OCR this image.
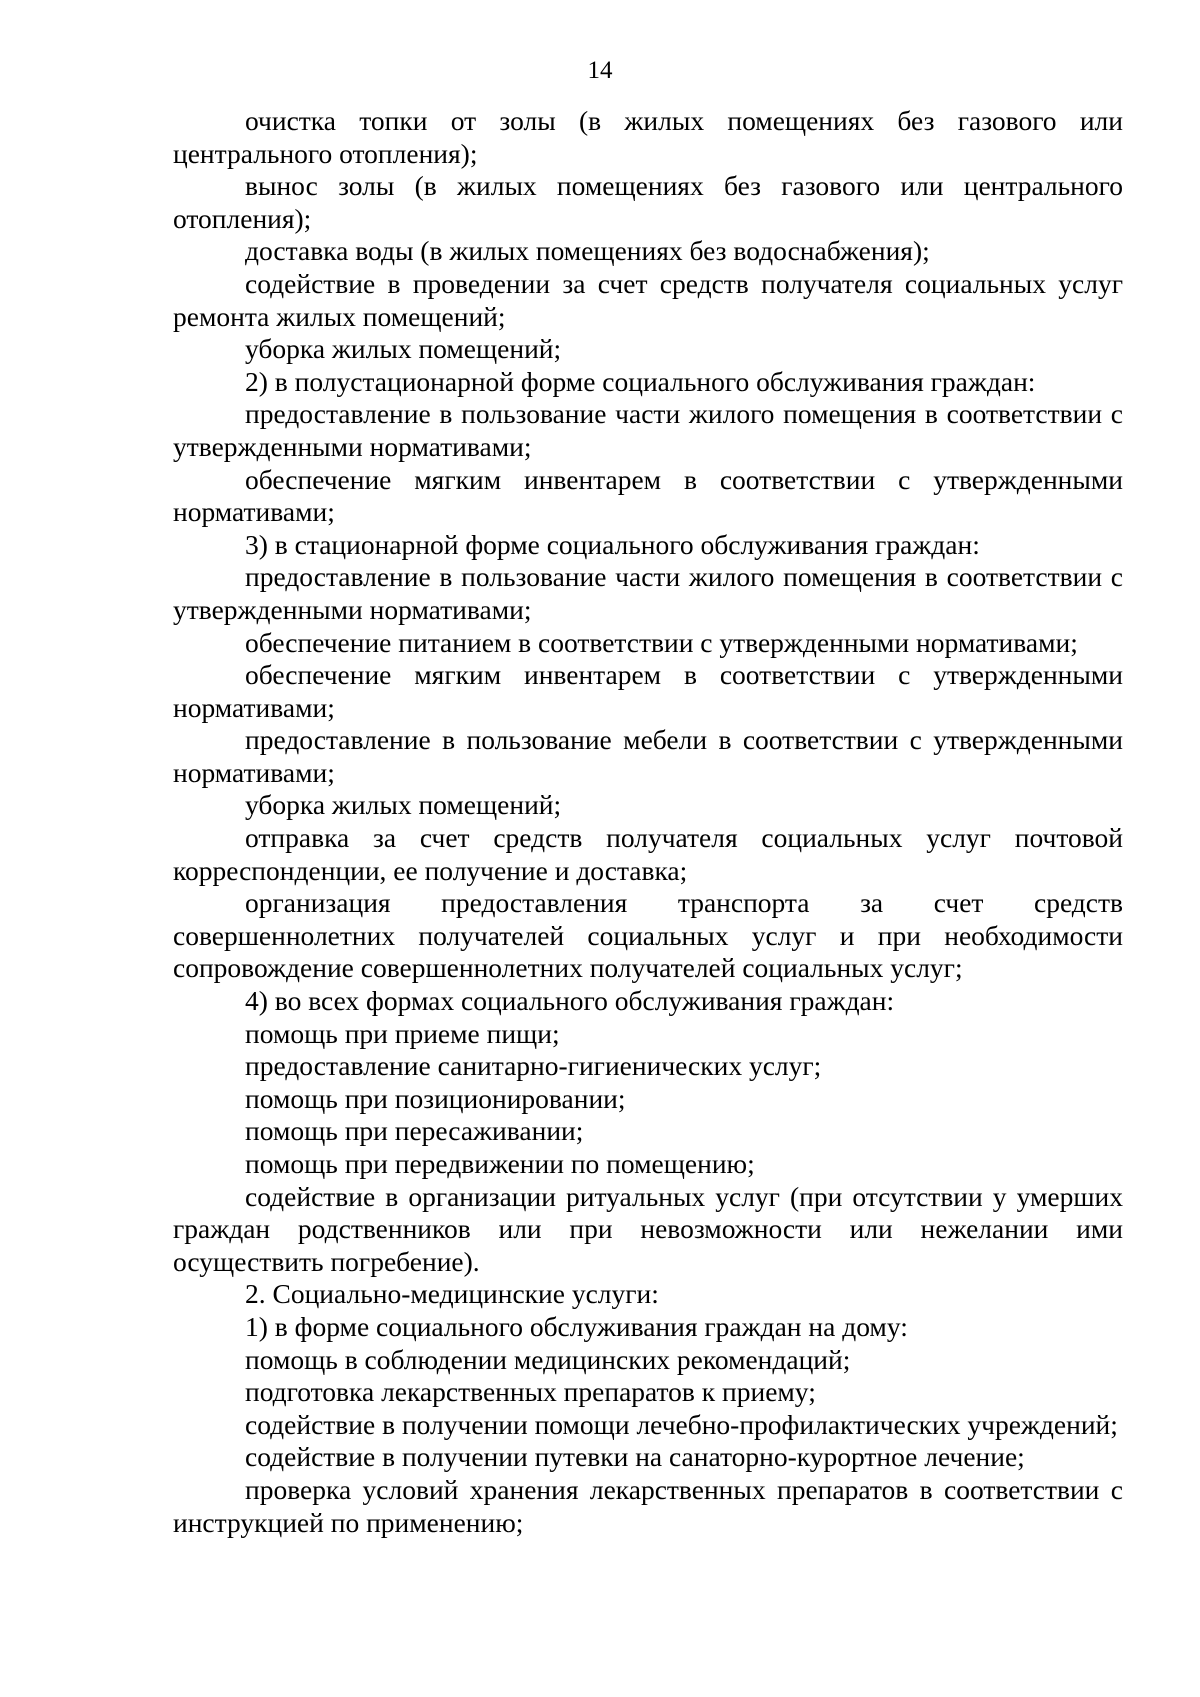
14

очистка топки от золы (в жилых помещениях без газового или центрального отопления);

вынос золы (в жилых помещениях без газового или центрального отопления);

доставка воды (в жилых помещениях без водоснабжения);

содействие в проведении за счет средств получателя социальных услуг ремонта жилых помещений;

уборка жилых помещений;

2) в полустационарной форме социального обслуживания граждан:

предоставление в пользование части жилого помещения в соответствии с утвержденными нормативами;

обеспечение мягким инвентарем в соответствии с утвержденными нормативами;

3) в стационарной форме социального обслуживания граждан:

предоставление в пользование части жилого помещения в соответствии с утвержденными нормативами;

обеспечение питанием в соответствии с утвержденными нормативами;

обеспечение мягким инвентарем в соответствии с утвержденными нормативами;

предоставление в пользование мебели в соответствии с утвержденными нормативами;

уборка жилых помещений;

отправка за счет средств получателя социальных услуг почтовой корреспонденции, ее получение и доставка;

организация предоставления транспорта за счет средств совершеннолетних получателей социальных услуг и при необходимости сопровождение совершеннолетних получателей социальных услуг;

4) во всех формах социального обслуживания граждан:

помощь при приеме пищи;

предоставление санитарно-гигиенических услуг;

помощь при позиционировании;

помощь при пересаживании;

помощь при передвижении по помещению;

содействие в организации ритуальных услуг (при отсутствии у умерших граждан родственников или при невозможности или нежелании ими осуществить погребение).

2. Социально-медицинские услуги:

1) в форме социального обслуживания граждан на дому:

помощь в соблюдении медицинских рекомендаций;

подготовка лекарственных препаратов к приему;

содействие в получении помощи лечебно-профилактических учреждений;

содействие в получении путевки на санаторно-курортное лечение;

проверка условий хранения лекарственных препаратов в соответствии с инструкцией по применению;
